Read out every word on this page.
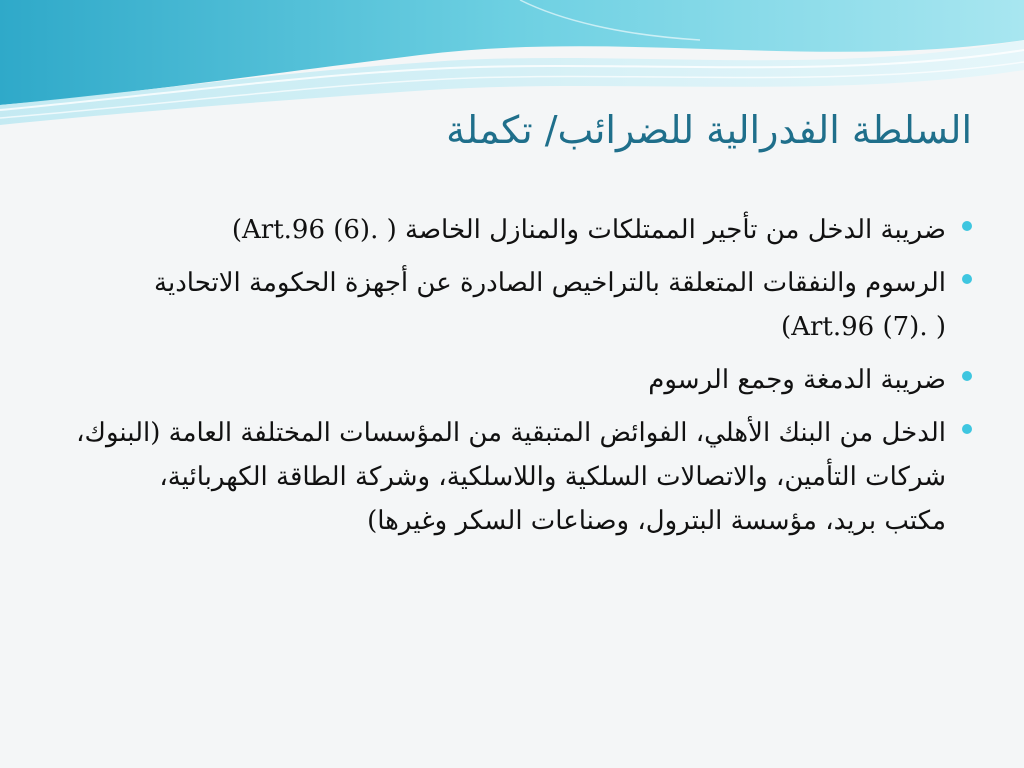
السلطة الفدرالية للضرائب/ تكملة
ضريبة الدخل من تأجير الممتلكات والمنازل الخاصة ( .Art.96 (6))
الرسوم والنفقات المتعلقة بالتراخيص الصادرة عن أجهزة الحكومة الاتحادية
( .Art.96 (7))
ضريبة الدمغة وجمع الرسوم
الدخل من البنك الأهلي، الفوائض المتبقية من المؤسسات المختلفة العامة (البنوك،
شركات التأمين، والاتصالات السلكية واللاسلكية، وشركة الطاقة الكهربائية،
مكتب بريد، مؤسسة البترول، وصناعات السكر وغيرها)
